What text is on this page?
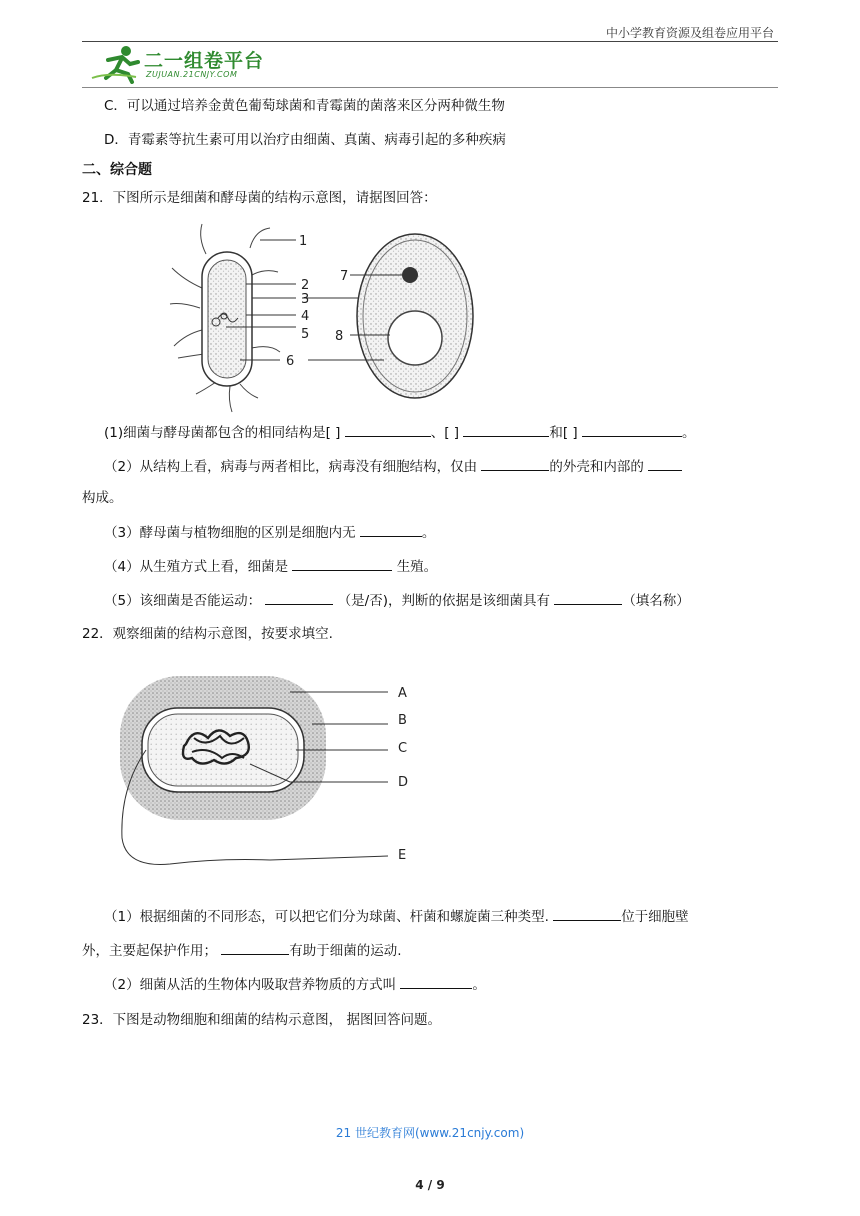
中小学教育资源及组卷应用平台
二一组卷平台
ZUJUAN.21CNJY.COM
C．可以通过培养金黄色葡萄球菌和青霉菌的菌落来区分两种微生物
D．青霉素等抗生素可用以治疗由细菌、真菌、病毒引起的多种疾病
二、综合题
21．下图所示是细菌和酵母菌的结构示意图，请据图回答：
1
2
3
4
5
6
7
8
(1)细菌与酵母菌都包含的相同结构是[ ]	、[ ]	和[ ]	。
（2）从结构上看，病毒与两者相比，病毒没有细胞结构，仅由	的外壳和内部的
构成。
（3）酵母菌与植物细胞的区别是细胞内无	。
（4）从生殖方式上看，细菌是	生殖。
（5）该细菌是否能运动：	（是/否)，判断的依据是该细菌具有	（填名称）
22．观察细菌的结构示意图，按要求填空.
A
B
C
D
E
（1）根据细菌的不同形态，可以把它们分为球菌、杆菌和螺旋菌三种类型.	位于细胞壁
外，主要起保护作用；	有助于细菌的运动.
（2）细菌从活的生物体内吸取营养物质的方式叫	。
23．下图是动物细胞和细菌的结构示意图， 据图回答问题。
21 世纪教育网(www.21cnjy.com)
4 / 9
